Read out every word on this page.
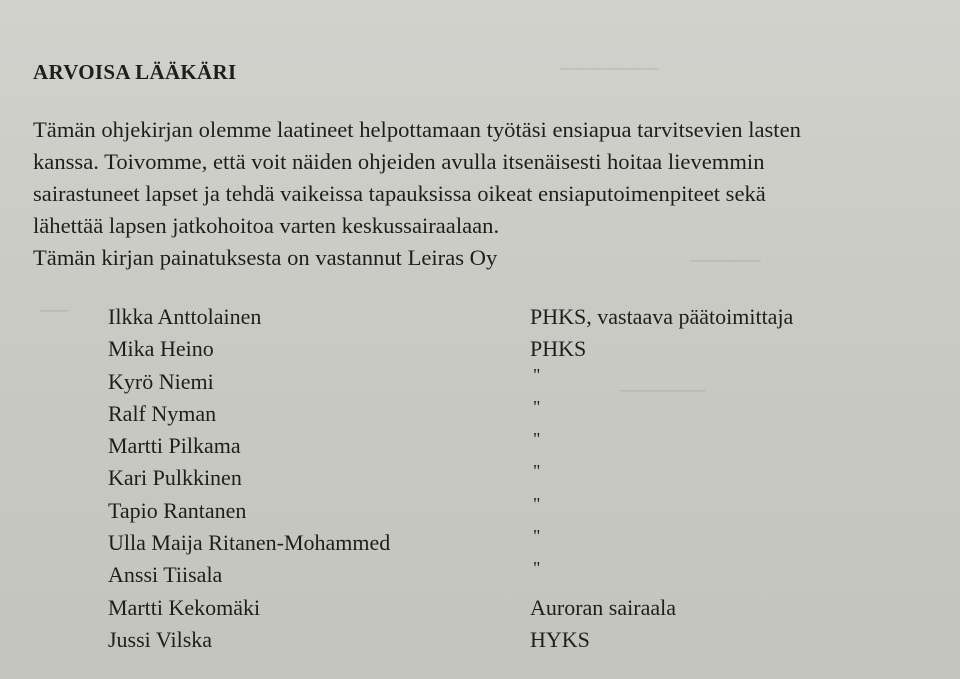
───────
─────
──────
──
ARVOISA LÄÄKÄRI

Tämän ohjekirjan olemme laatineet helpottamaan työtäsi ensiapua tarvitsevien lasten
kanssa. Toivomme, että voit näiden ohjeiden avulla itsenäisesti hoitaa lievemmin
sairastuneet lapset ja tehdä vaikeissa tapauksissa oikeat ensiaputoimenpiteet sekä
lähettää lapsen jatkohoitoa varten keskussairaalaan.
Tämän kirjan painatuksesta on vastannut Leiras Oy

Ilkka Anttolainen	PHKS, vastaava päätoimittaja
Mika Heino	PHKS
Kyrö Niemi	"
Ralf Nyman	"
Martti Pilkama	"
Kari Pulkkinen	"
Tapio Rantanen	"
Ulla Maija Ritanen-Mohammed	"
Anssi Tiisala	"
Martti Kekomäki	Auroran sairaala
Jussi Vilska	HYKS
